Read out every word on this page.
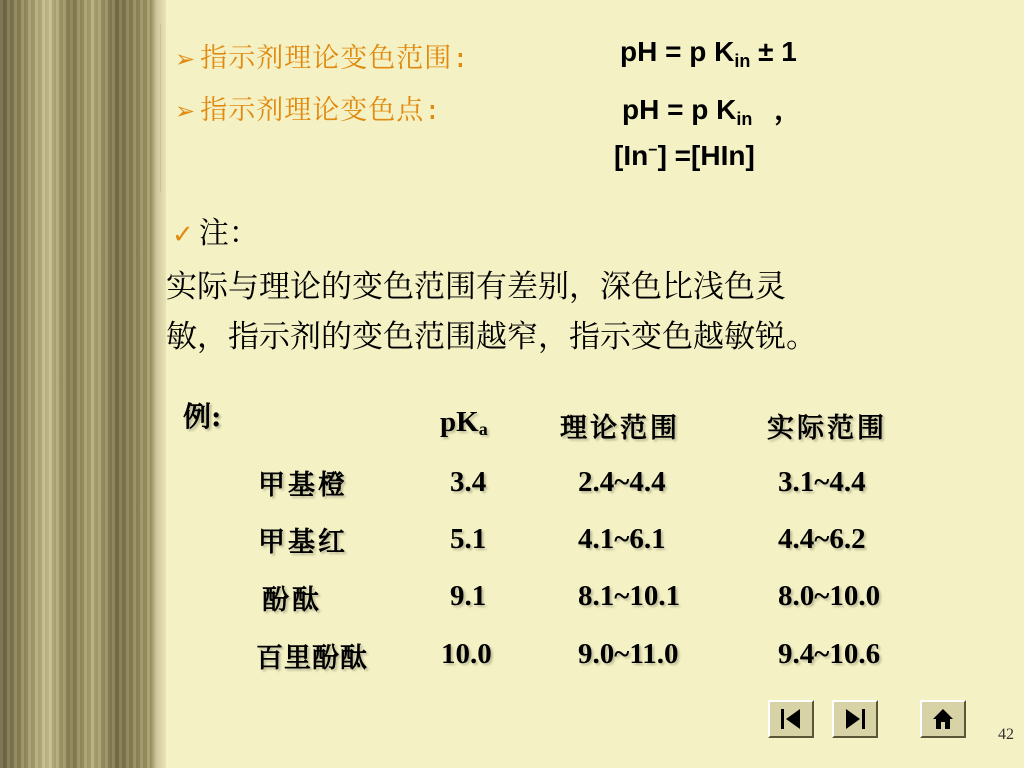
➢ 指示剂理论变色范围:	pH = p $K_{in} \pm 1$
➢ 指示剂理论变色点:	pH = p $K_{in}$ ，
[In−] =[HIn]
✓ 注：
实际与理论的变色范围有差别，深色比浅色灵
敏，指示剂的变色范围越窄，指示变色越敏锐。
例:	$pK_a$	理论范围	实际范围
甲基橙	3.4	2.4~4.4	3.1~4.4
甲基红	5.1	4.1~6.1	4.4~6.2
酚酞	9.1	8.1~10.1	8.0~10.0
百里酚酞	10.0	9.0~11.0	9.4~10.6
42
